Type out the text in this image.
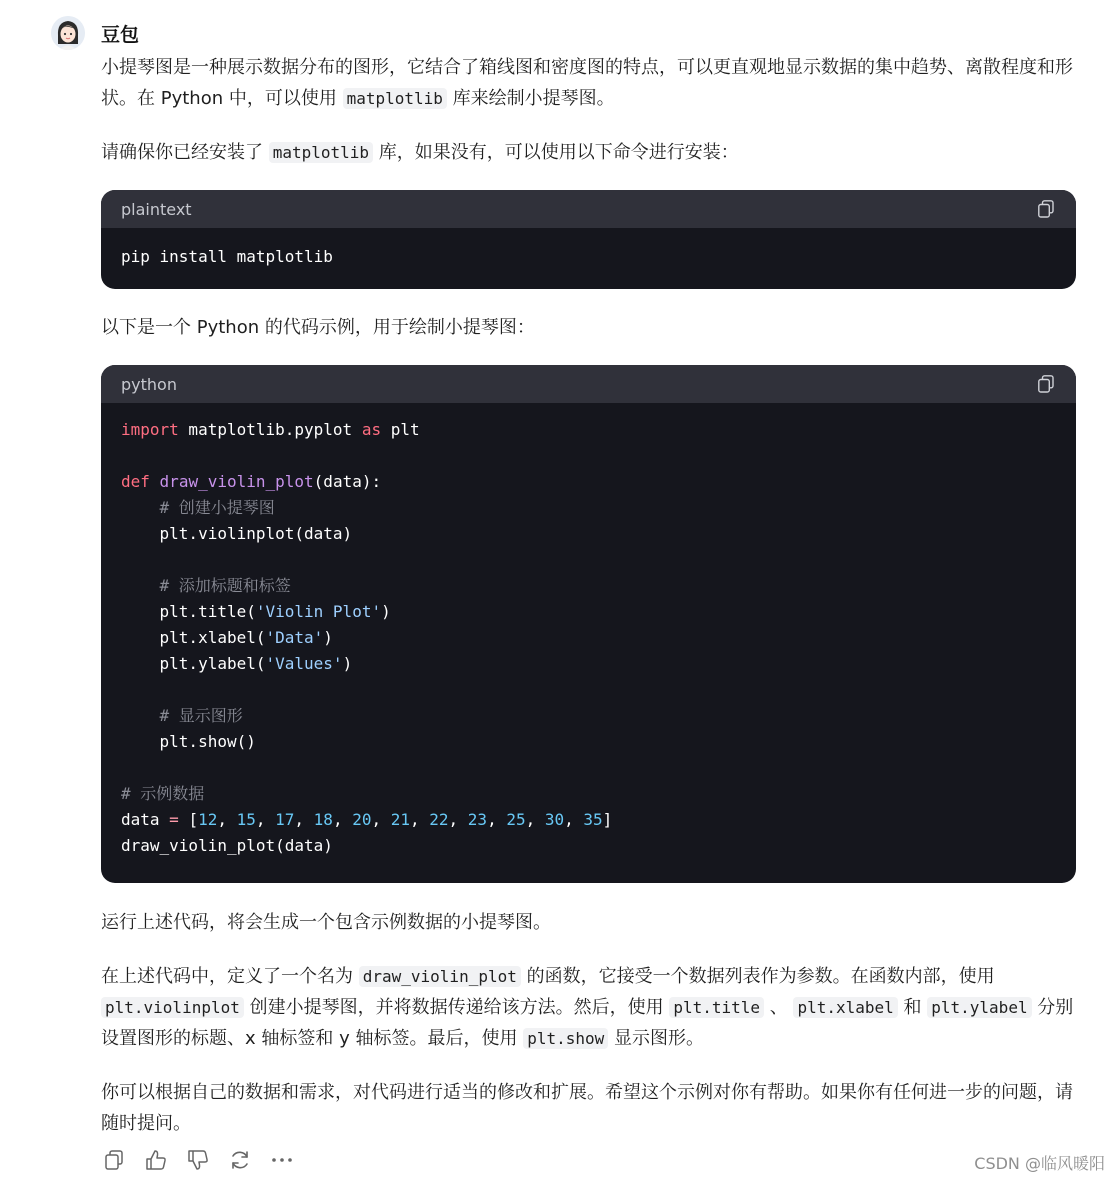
豆包

小提琴图是一种展示数据分布的图形，它结合了箱线图和密度图的特点，可以更直观地显示数据的集中趋势、离散程度和形状。在 Python 中，可以使用 matplotlib 库来绘制小提琴图。

请确保你已经安装了 matplotlib 库，如果没有，可以使用以下命令进行安装：

plaintext
pip install matplotlib

以下是一个 Python 的代码示例，用于绘制小提琴图：

python
import matplotlib.pyplot as plt

def draw_violin_plot(data):
# 创建小提琴图
plt.violinplot(data)

# 添加标题和标签
plt.title('Violin Plot')
plt.xlabel('Data')
plt.ylabel('Values')

# 显示图形
plt.show()

# 示例数据
data = [12, 15, 17, 18, 20, 21, 22, 23, 25, 30, 35]
draw_violin_plot(data)

运行上述代码，将会生成一个包含示例数据的小提琴图。

在上述代码中，定义了一个名为 draw_violin_plot 的函数，它接受一个数据列表作为参数。在函数内部，使用 plt.violinplot 创建小提琴图，并将数据传递给该方法。然后，使用 plt.title 、 plt.xlabel 和 plt.ylabel 分别设置图形的标题、x 轴标签和 y 轴标签。最后，使用 plt.show 显示图形。

你可以根据自己的数据和需求，对代码进行适当的修改和扩展。希望这个示例对你有帮助。如果你有任何进一步的问题，请随时提问。

CSDN @临风暖阳
